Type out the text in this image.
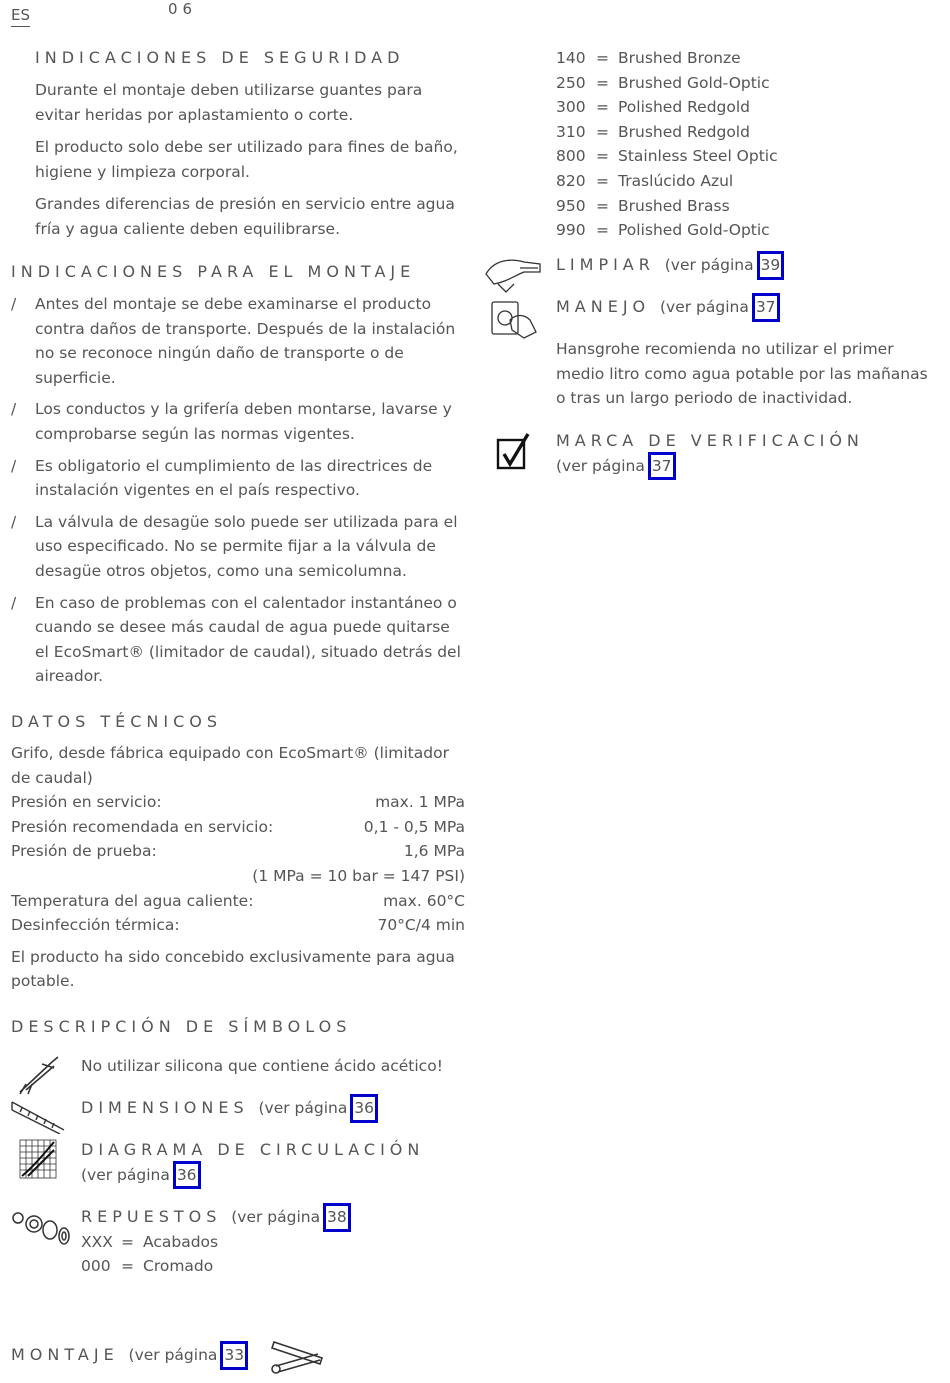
ES	06
INDICACIONES DE SEGURIDAD

Durante el montaje deben utilizarse guantes para evitar heridas por aplastamiento o corte.

El producto solo debe ser utilizado para fines de baño, higiene y limpieza corporal.

Grandes diferencias de presión en servicio entre agua fría y agua caliente deben equilibrarse.

INDICACIONES PARA EL MONTAJE
/ Antes del montaje se debe examinarse el producto contra daños de transporte. Después de la instalación no se reconoce ningún daño de transporte o de superficie.
/ Los conductos y la grifería deben montarse, lavarse y comprobarse según las normas vigentes.
/ Es obligatorio el cumplimiento de las directrices de instalación vigentes en el país respectivo.
/ La válvula de desagüe solo puede ser utilizada para el uso especificado. No se permite fijar a la válvula de desagüe otros objetos, como una semicolumna.
/ En caso de problemas con el calentador instantáneo o cuando se desee más caudal de agua puede quitarse el EcoSmart® (limitador de caudal), situado detrás del aireador.
DATOS TÉCNICOS
Grifo, desde fábrica equipado con EcoSmart® (limitador de caudal)
Presión en servicio:	max. 1 MPa
Presión recomendada en servicio:	0,1 - 0,5 MPa
Presión de prueba:	1,6 MPa
(1 MPa = 10 bar = 147 PSI)
Temperatura del agua caliente:	max. 60°C
Desinfección térmica:	70°C/4 min

El producto ha sido concebido exclusivamente para agua potable.

DESCRIPCIÓN DE SÍMBOLOS
No utilizar silicona que contiene ácido acético!
DIMENSIONES (ver página 36
DIAGRAMA DE CIRCULACIÓN
(ver página 36
REPUESTOS (ver página 38
XXX = Acabados
000 = Cromado
MONTAJE (ver página 33
140 = Brushed Bronze
250 = Brushed Gold-Optic
300 = Polished Redgold
310 = Brushed Redgold
800 = Stainless Steel Optic
820 = Traslúcido Azul
950 = Brushed Brass
990 = Polished Gold-Optic
LIMPIAR (ver página 39
MANEJO (ver página 37
Hansgrohe recomienda no utilizar el primer medio litro como agua potable por las mañanas o tras un largo periodo de inactividad.
MARCA DE VERIFICACIÓN
(ver página 37
